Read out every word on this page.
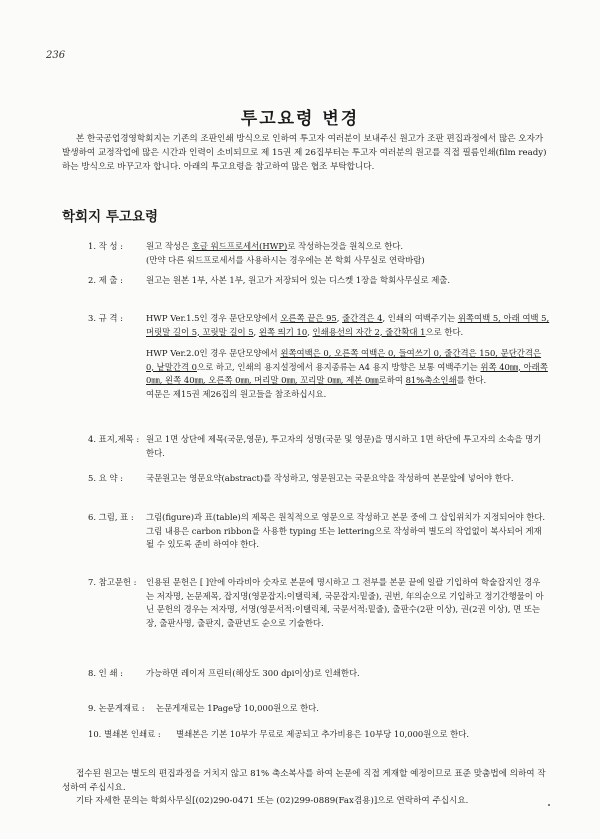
236
투고요령 변경
본 한국공업경영학회지는 기존의 조판인쇄 방식으로 인하여 투고자 여러분이 보내주신 원고가 조판 편집과정에서 많은 오자가 발생하여 교정작업에 많은 시간과 인력이 소비되므로 제 15권 제 26집부터는 투고자 여러분의 원고를 직접 필름인쇄(film ready)하는 방식으로 바꾸고자 합니다. 아래의 투고요령을 참고하여 많은 협조 부탁합니다.
학회지 투고요령
1. 작 성 :	원고 작성은 호글 워드프로세서(HWP)로 작성하는것을 원칙으로 한다.
(만약 다른 워드프로세서를 사용하시는 경우에는 본 학회 사무실로 연락바람)
2. 제 출 :	원고는 원본 1부, 사본 1부, 원고가 저장되어 있는 디스켓 1장을 학회사무실로 제출.
3. 규 격 :	HWP Ver.1.5인 경우 문단모양에서 오른쪽 끝은 95, 줄간격은 4, 인쇄의 여백주기는 위쪽여백 5, 아래 여백 5, 머릿말 길이 5, 꼬릿말 길이 5, 왼쪽 띄기 10, 인쇄용선의 자간 2, 줄간확대 1으로 한다.
HWP Ver.2.0인 경우 문단모양에서 왼쪽여백은 0, 오른쪽 여백은 0, 들여쓰기 0, 줄간격은 150, 문단간격은 0, 낱말간격 0으로 하고, 인쇄의 용지설정에서 용지종류는 A4 용지 방향은 보통 여백주기는 위쪽 40㎜, 아래쪽 0㎜, 왼쪽 40㎜, 오른쪽 0㎜, 머리말 0㎜, 꼬리말 0㎜, 제본 0㎜로하여 81%축소인쇄를 한다.
여문은 제15권 제26집의 원고들을 참조하십시요.
4. 표지,제목 : 원고 1면 상단에 제목(국문,영문), 투고자의 성명(국문 및 영문)을 명시하고 1면 하단에 투고자의 소속을 명기한다.
5. 요 약 :	국문원고는 영문요약(abstract)를 작성하고, 영문원고는 국문요약을 작성하여 본문앞에 넣어야 한다.
6. 그림, 표 : 그림(figure)과 표(table)의 제목은 원칙적으로 영문으로 작성하고 본문 중에 그 삽입위치가 지정되어야 한다. 그림 내용은 carbon ribbon을 사용한 typing 또는 lettering으로 작성하여 별도의 작업없이 복사되어 게재될 수 있도록 준비 하여야 한다.
7. 참고문헌 : 인용된 문헌은 [ ]안에 아라비아 숫자로 본문에 명시하고 그 전부를 본문 끝에 일괄 기입하여 학술잡지인 경우는 저자명, 논문제목, 잡지명(영문잡지:이탤릭체, 국문잡지:밑줄), 권번, 年의순으로 기입하고 정기간행물이 아닌 문헌의 경우는 저자명, 서명(영문서적:이탤릭체, 국문서적:밑줄), 출판수(2판 이상), 권(2권 이상), 면 또는 장, 출판사명, 출판지, 출판년도 순으로 기술한다.
8. 인 쇄 :	가능하면 레이저 프린터(해상도 300 dpi이상)로 인쇄한다.
9. 논문게재료 : 논문게재료는 1Page당 10,000원으로 한다.
10. 별쇄본 인쇄료 : 별쇄본은 기본 10부가 무료로 제공되고 추가비용은 10부당 10,000원으로 한다.
접수된 원고는 별도의 편집과정을 거치지 않고 81% 축소복사를 하여 논문에 직접 게재할 예정이므로 표준 맞춤법에 의하여 작성하여 주십시요.
기타 자세한 문의는 학회사무실[(02)290-0471 또는 (02)299-0889(Fax겸용)]으로 연락하여 주십시요.
